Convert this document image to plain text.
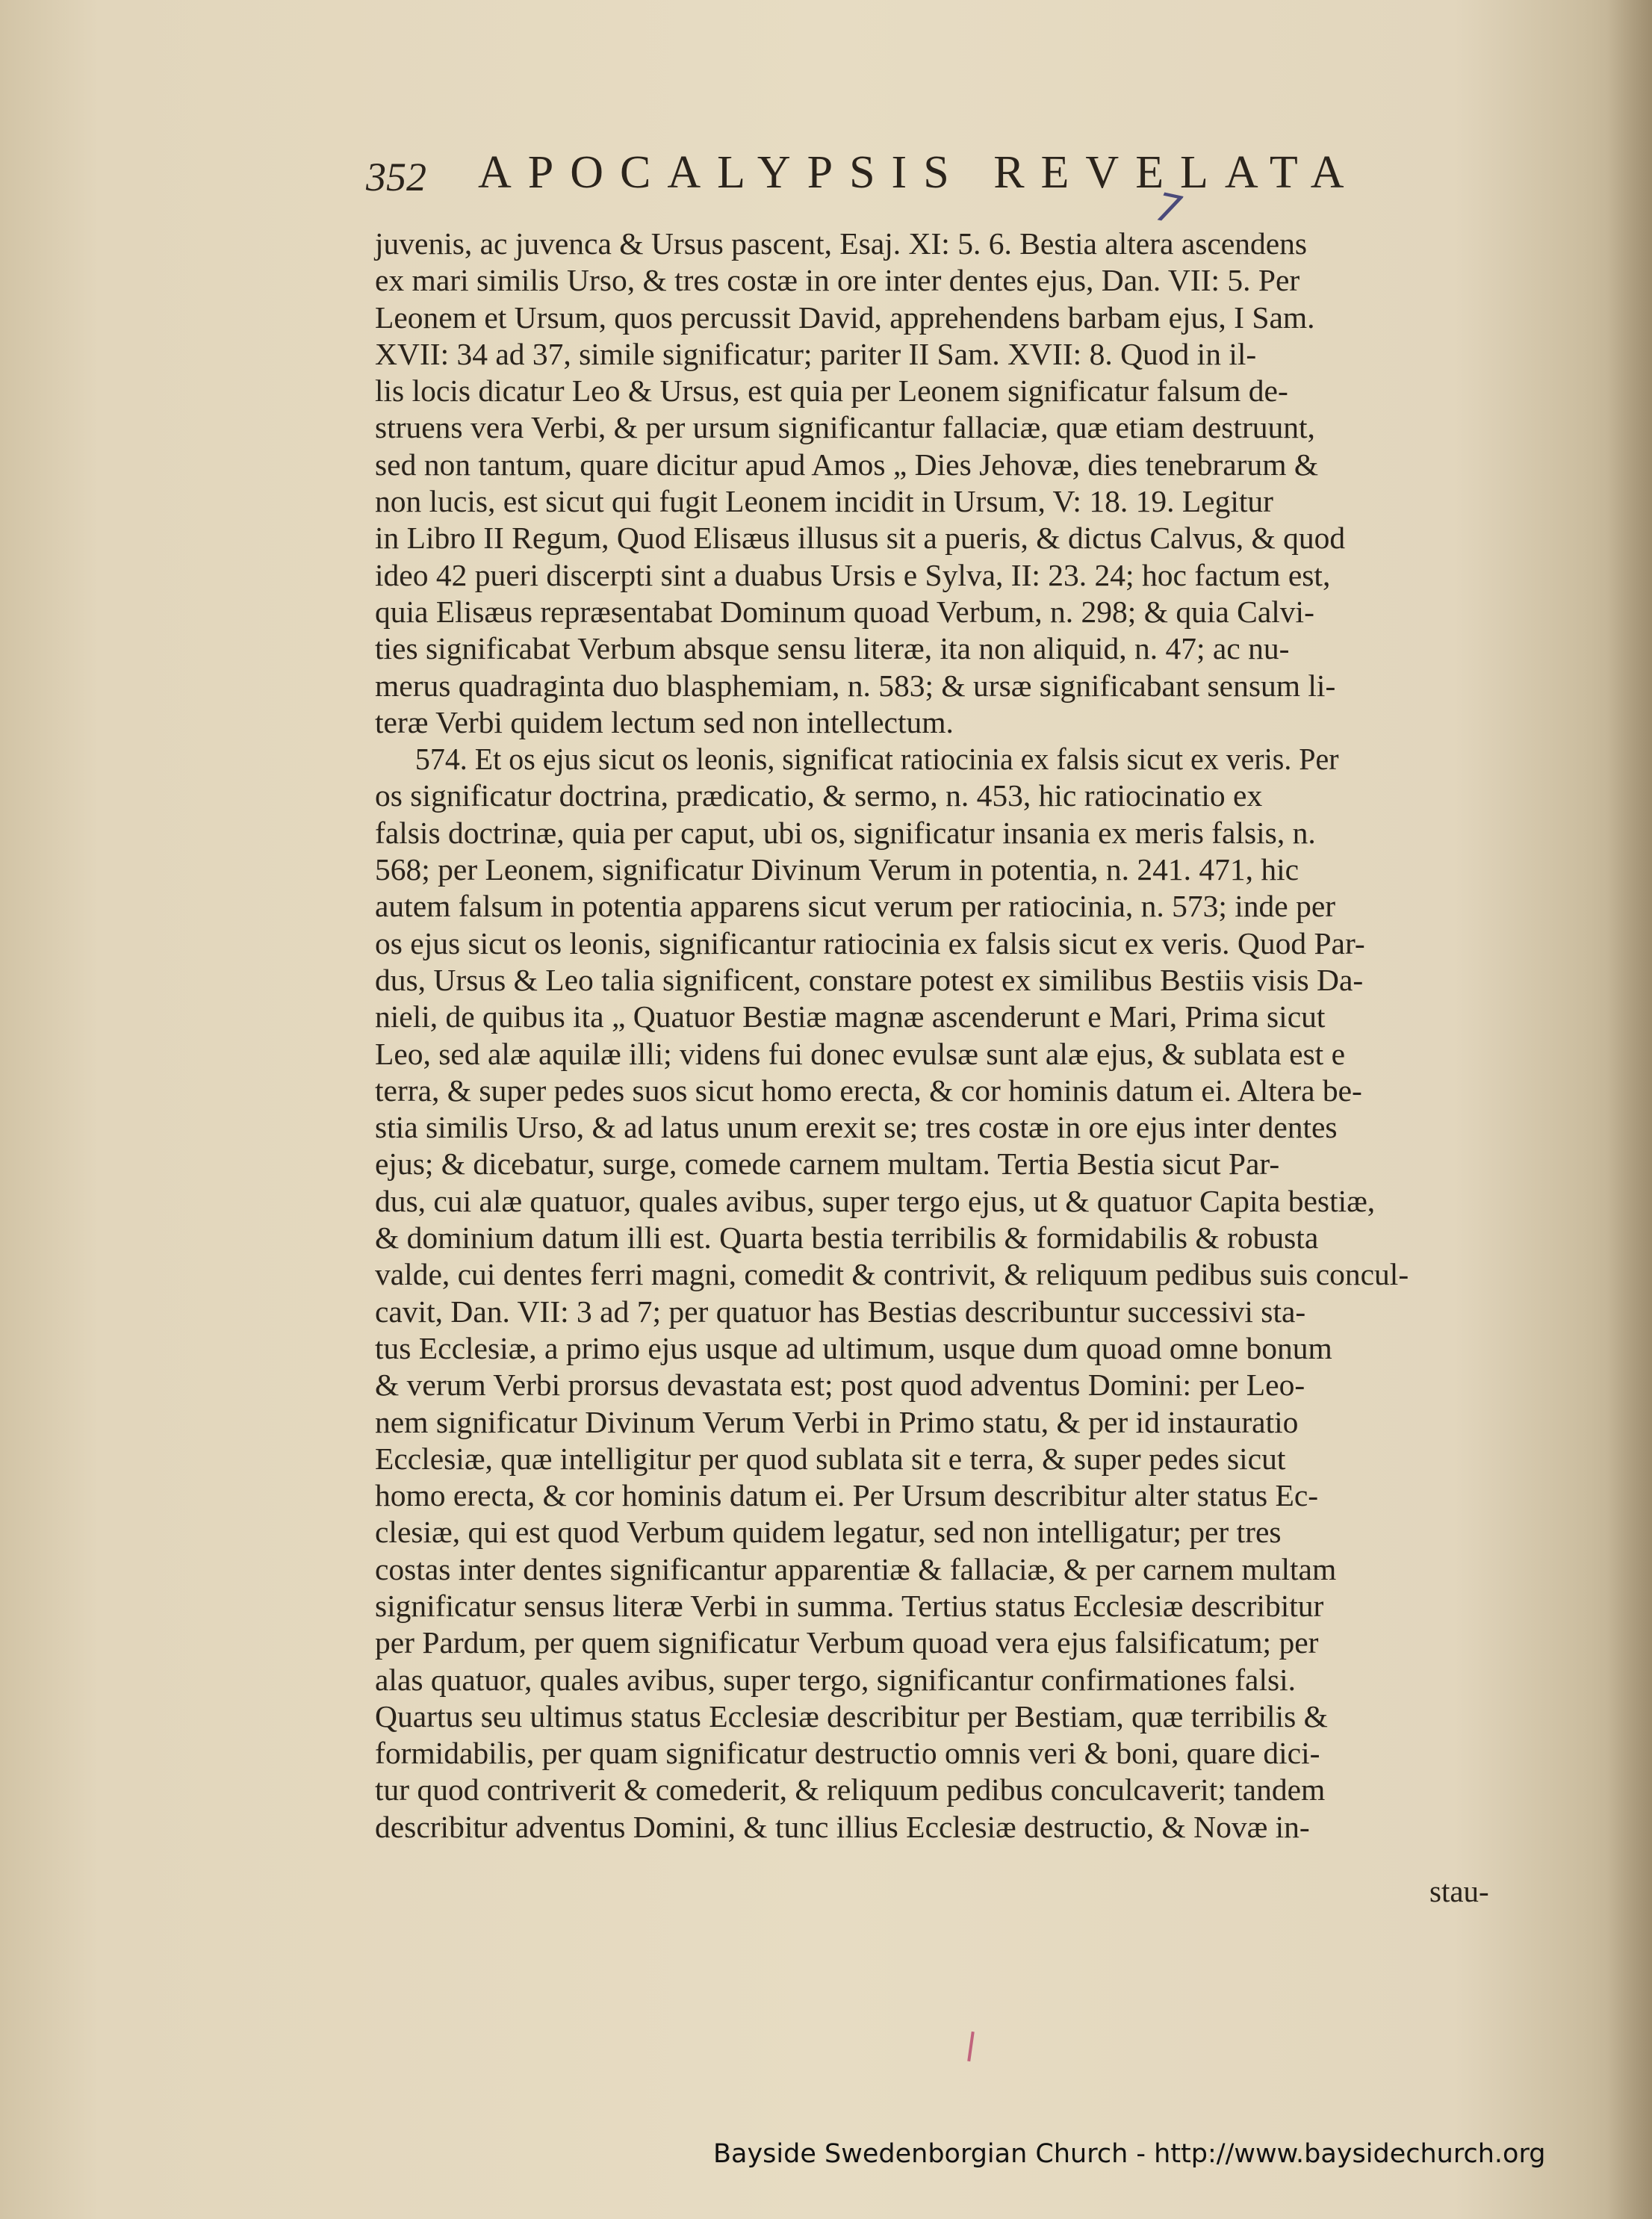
352 APOCALYPSIS REVELATA
7
juvenis, ac juvenca & Ursus pascent, Esaj. XI: 5. 6. Bestia altera ascendens
ex mari similis Urso, & tres costæ in ore inter dentes ejus, Dan. VII: 5. Per
Leonem et Ursum, quos percussit David, apprehendens barbam ejus, I Sam.
XVII: 34 ad 37, simile significatur; pariter II Sam. XVII: 8. Quod in il-
lis locis dicatur Leo & Ursus, est quia per Leonem significatur falsum de-
struens vera Verbi, & per ursum significantur fallaciæ, quæ etiam destruunt,
sed non tantum, quare dicitur apud Amos „ Dies Jehovæ, dies tenebrarum &
non lucis, est sicut qui fugit Leonem incidit in Ursum, V: 18. 19. Legitur
in Libro II Regum, Quod Elisæus illusus sit a pueris, & dictus Calvus, & quod
ideo 42 pueri discerpti sint a duabus Ursis e Sylva, II: 23. 24; hoc factum est,
quia Elisæus repræsentabat Dominum quoad Verbum, n. 298; & quia Calvi-
ties significabat Verbum absque sensu literæ, ita non aliquid, n. 47; ac nu-
merus quadraginta duo blasphemiam, n. 583; & ursæ significabant sensum li-
teræ Verbi quidem lectum sed non intellectum.
574. Et os ejus sicut os leonis, significat ratiocinia ex falsis sicut ex veris. Per
os significatur doctrina, prædicatio, & sermo, n. 453, hic ratiocinatio ex
falsis doctrinæ, quia per caput, ubi os, significatur insania ex meris falsis, n.
568; per Leonem, significatur Divinum Verum in potentia, n. 241. 471, hic
autem falsum in potentia apparens sicut verum per ratiocinia, n. 573; inde per
os ejus sicut os leonis, significantur ratiocinia ex falsis sicut ex veris. Quod Par-
dus, Ursus & Leo talia significent, constare potest ex similibus Bestiis visis Da-
nieli, de quibus ita „ Quatuor Bestiæ magnæ ascenderunt e Mari, Prima sicut
Leo, sed alæ aquilæ illi; videns fui donec evulsæ sunt alæ ejus, & sublata est e
terra, & super pedes suos sicut homo erecta, & cor hominis datum ei. Altera be-
stia similis Urso, & ad latus unum erexit se; tres costæ in ore ejus inter dentes
ejus; & dicebatur, surge, comede carnem multam. Tertia Bestia sicut Par-
dus, cui alæ quatuor, quales avibus, super tergo ejus, ut & quatuor Capita bestiæ,
& dominium datum illi est. Quarta bestia terribilis & formidabilis & robusta
valde, cui dentes ferri magni, comedit & contrivit, & reliquum pedibus suis concul-
cavit, Dan. VII: 3 ad 7; per quatuor has Bestias describuntur successivi sta-
tus Ecclesiæ, a primo ejus usque ad ultimum, usque dum quoad omne bonum
& verum Verbi prorsus devastata est; post quod adventus Domini: per Leo-
nem significatur Divinum Verum Verbi in Primo statu, & per id instauratio
Ecclesiæ, quæ intelligitur per quod sublata sit e terra, & super pedes sicut
homo erecta, & cor hominis datum ei. Per Ursum describitur alter status Ec-
clesiæ, qui est quod Verbum quidem legatur, sed non intelligatur; per tres
costas inter dentes significantur apparentiæ & fallaciæ, & per carnem multam
significatur sensus literæ Verbi in summa. Tertius status Ecclesiæ describitur
per Pardum, per quem significatur Verbum quoad vera ejus falsificatum; per
alas quatuor, quales avibus, super tergo, significantur confirmationes falsi.
Quartus seu ultimus status Ecclesiæ describitur per Bestiam, quæ terribilis &
formidabilis, per quam significatur destructio omnis veri & boni, quare dici-
tur quod contriverit & comederit, & reliquum pedibus conculcaverit; tandem
describitur adventus Domini, & tunc illius Ecclesiæ destructio, & Novæ in-
stau-
Bayside Swedenborgian Church - http://www.baysidechurch.org
